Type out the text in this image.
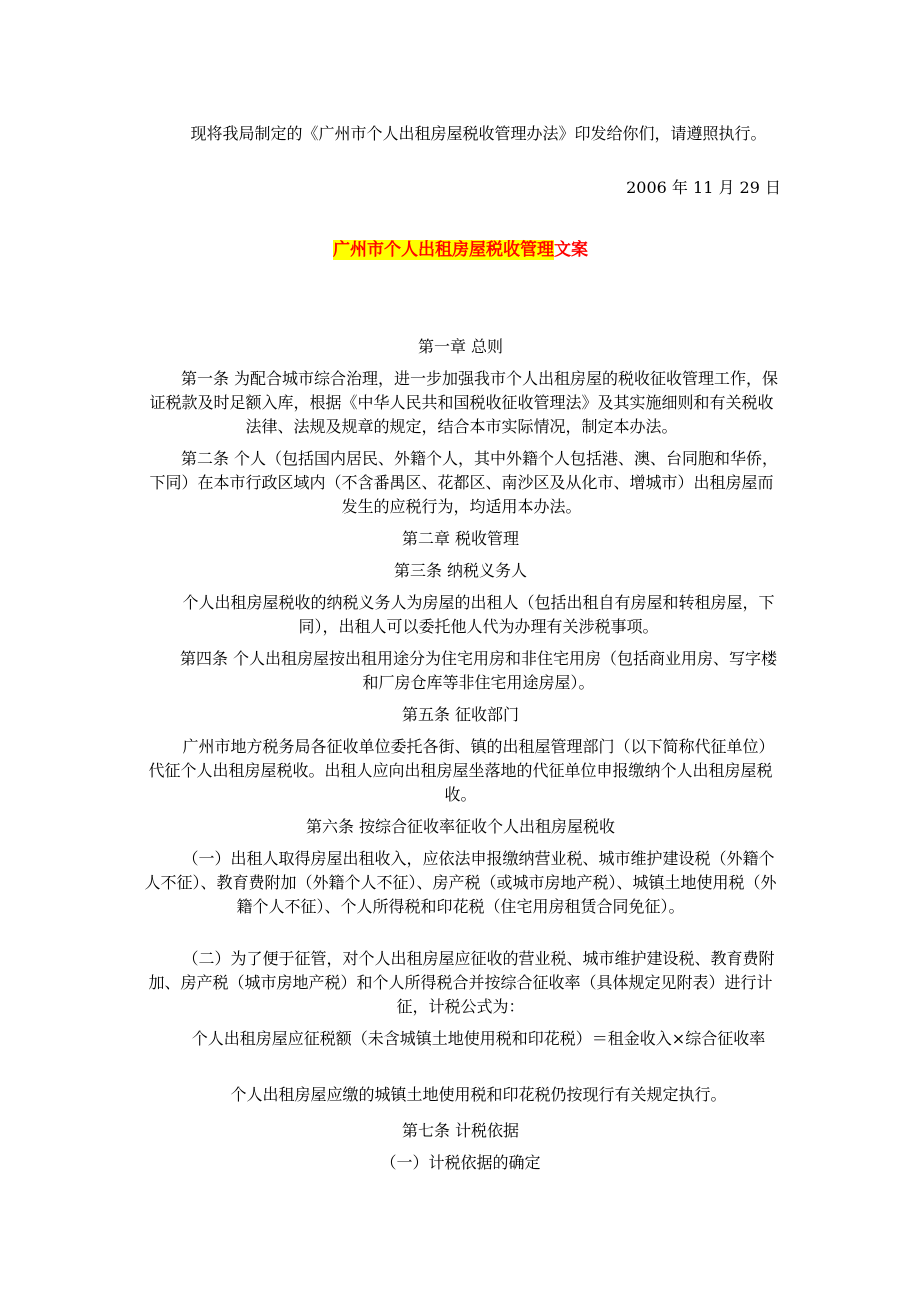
现将我局制定的《广州市个人出租房屋税收管理办法》印发给你们，请遵照执行。

2006 年 11 月 29 日

广州市个人出租房屋税收管理文案

第一章 总则

第一条 为配合城市综合治理，进一步加强我市个人出租房屋的税收征收管理工作，保证税款及时足额入库，根据《中华人民共和国税收征收管理法》及其实施细则和有关税收法律、法规及规章的规定，结合本市实际情况，制定本办法。

第二条 个人（包括国内居民、外籍个人，其中外籍个人包括港、澳、台同胞和华侨，下同）在本市行政区域内（不含番禺区、花都区、南沙区及从化市、增城市）出租房屋而发生的应税行为，均适用本办法。

第二章 税收管理

第三条 纳税义务人

个人出租房屋税收的纳税义务人为房屋的出租人（包括出租自有房屋和转租房屋，下同），出租人可以委托他人代为办理有关涉税事项。

第四条 个人出租房屋按出租用途分为住宅用房和非住宅用房（包括商业用房、写字楼和厂房仓库等非住宅用途房屋）。

第五条 征收部门

广州市地方税务局各征收单位委托各街、镇的出租屋管理部门（以下简称代征单位）代征个人出租房屋税收。出租人应向出租房屋坐落地的代征单位申报缴纳个人出租房屋税收。

第六条 按综合征收率征收个人出租房屋税收

（一）出租人取得房屋出租收入，应依法申报缴纳营业税、城市维护建设税（外籍个人不征）、教育费附加（外籍个人不征）、房产税（或城市房地产税）、城镇土地使用税（外籍个人不征）、个人所得税和印花税（住宅用房租赁合同免征）。

（二）为了便于征管，对个人出租房屋应征收的营业税、城市维护建设税、教育费附加、房产税（城市房地产税）和个人所得税合并按综合征收率（具体规定见附表）进行计征，计税公式为：

个人出租房屋应征税额（未含城镇土地使用税和印花税）＝租金收入×综合征收率

个人出租房屋应缴的城镇土地使用税和印花税仍按现行有关规定执行。

第七条 计税依据

（一）计税依据的确定
